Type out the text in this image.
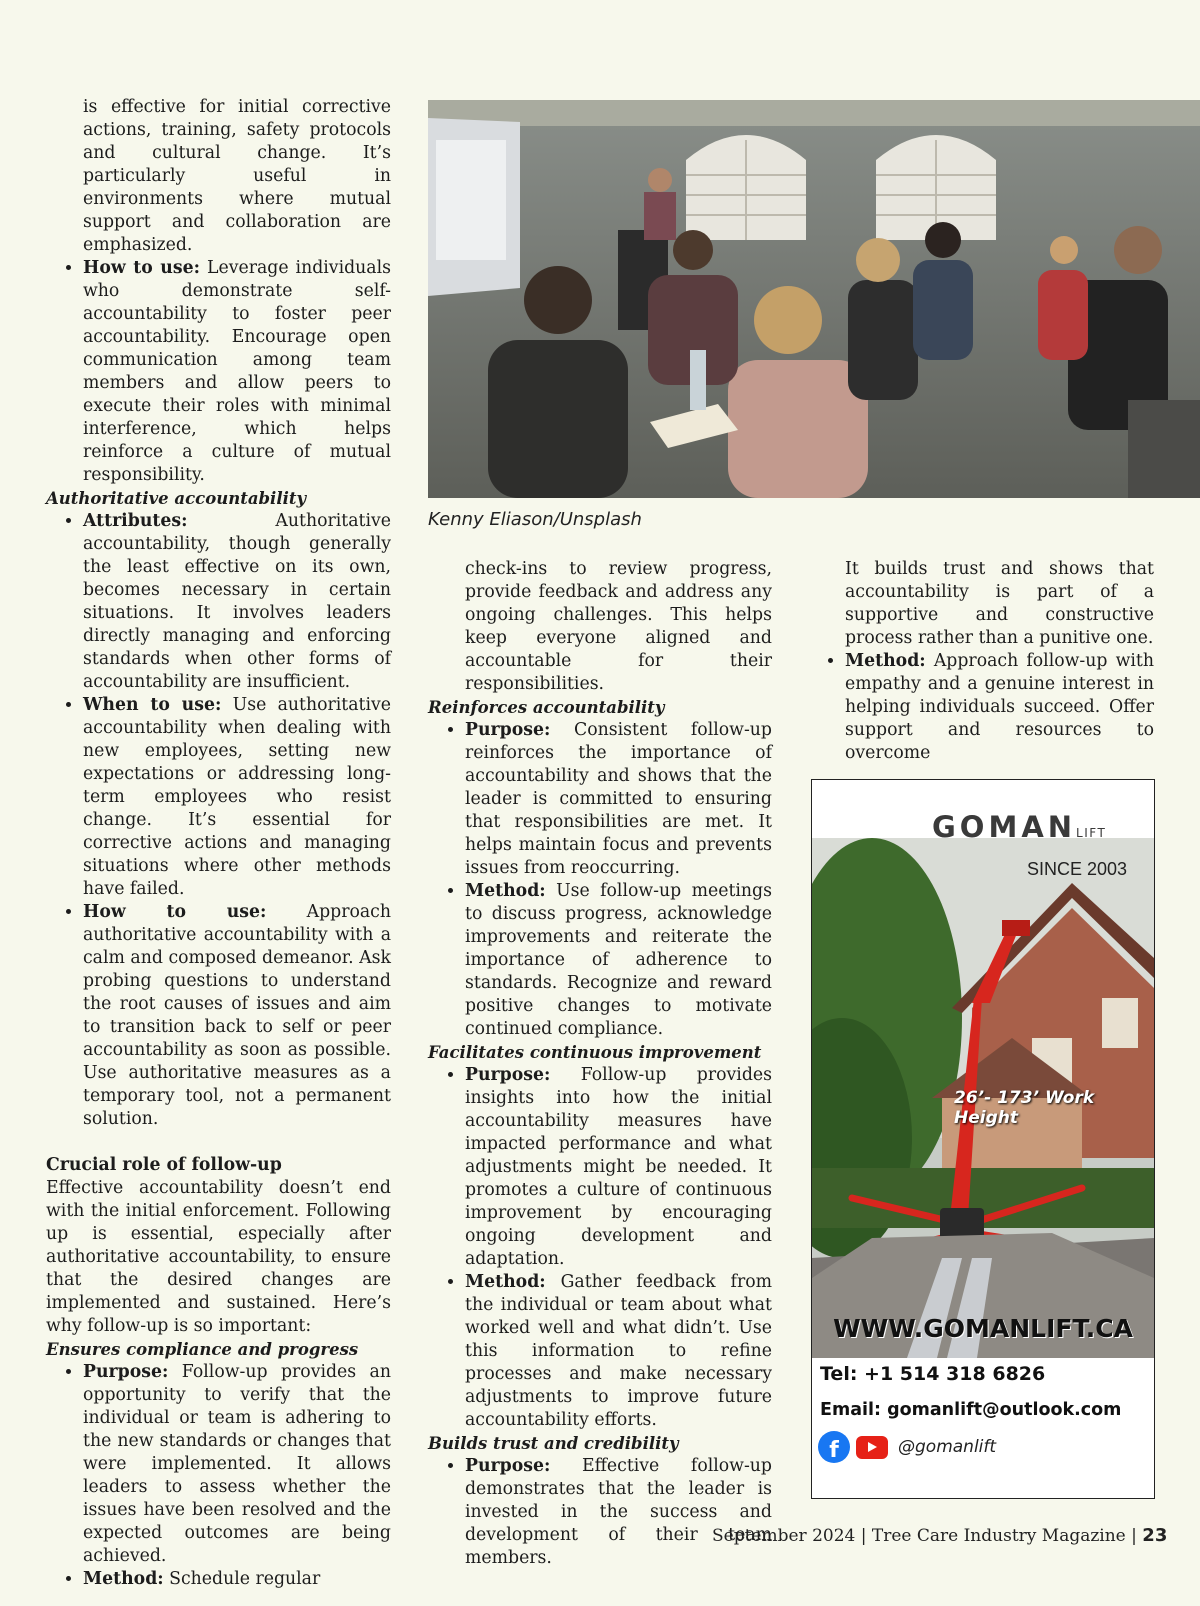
is effective for initial corrective actions, training, safety protocols and cultural change. It’s particularly useful in environments where mutual support and collaboration are emphasized.

• How to use: Leverage individuals who demonstrate self-accountability to foster peer accountability. Encourage open communication among team members and allow peers to execute their roles with minimal interference, which helps reinforce a culture of mutual responsibility.

Authoritative accountability

• Attributes: Authoritative accountability, though generally the least effective on its own, becomes necessary in certain situations. It involves leaders directly managing and enforcing standards when other forms of accountability are insufficient.
• When to use: Use authoritative accountability when dealing with new employees, setting new expectations or addressing long-term employees who resist change. It’s essential for corrective actions and managing situations where other methods have failed.
• How to use: Approach authoritative accountability with a calm and composed demeanor. Ask probing questions to understand the root causes of issues and aim to transition back to self or peer accountability as soon as possible. Use authoritative measures as a temporary tool, not a permanent solution.

Crucial role of follow-up

Effective accountability doesn’t end with the initial enforcement. Following up is essential, especially after authoritative accountability, to ensure that the desired changes are implemented and sustained. Here’s why follow-up is so important:

Ensures compliance and progress

• Purpose: Follow-up provides an opportunity to verify that the individual or team is adhering to the new standards or changes that were implemented. It allows leaders to assess whether the issues have been resolved and the expected outcomes are being achieved.
• Method: Schedule regular
Kenny Eliason/Unsplash

check-ins to review progress, provide feedback and address any ongoing challenges. This helps keep everyone aligned and accountable for their responsibilities.

Reinforces accountability

• Purpose: Consistent follow-up reinforces the importance of accountability and shows that the leader is committed to ensuring that responsibilities are met. It helps maintain focus and prevents issues from reoccurring.
• Method: Use follow-up meetings to discuss progress, acknowledge improvements and reiterate the importance of adherence to standards. Recognize and reward positive changes to motivate continued compliance.

Facilitates continuous improvement

• Purpose: Follow-up provides insights into how the initial accountability measures have impacted performance and what adjustments might be needed. It promotes a culture of continuous improvement by encouraging ongoing development and adaptation.
• Method: Gather feedback from the individual or team about what worked well and what didn’t. Use this information to refine processes and make necessary adjustments to improve future accountability efforts.

Builds trust and credibility

• Purpose: Effective follow-up demonstrates that the leader is invested in the success and development of their team members.

It builds trust and shows that accountability is part of a supportive and constructive process rather than a punitive one.

• Method: Approach follow-up with empathy and a genuine interest in helping individuals succeed. Offer support and resources to overcome
GOMANLIFT
SINCE 2003
26’- 173’ Work Height
WWW.GOMANLIFT.CA
Tel: +1 514 318 6826
Email: gomanlift@outlook.com
f	@gomanlift
September 2024 | Tree Care Industry Magazine | 23
